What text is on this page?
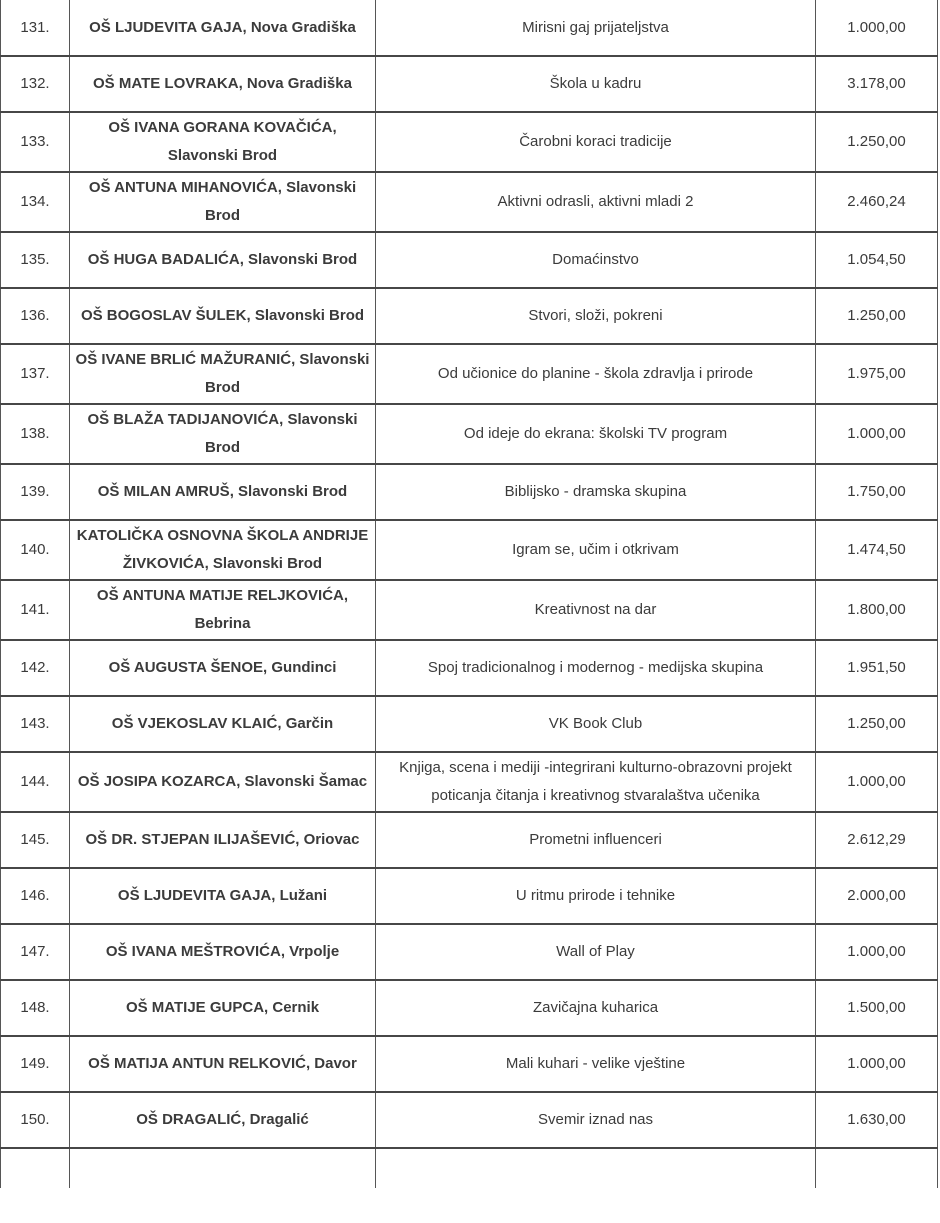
131.	OŠ LJUDEVITA GAJA, Nova Gradiška	Mirisni gaj prijateljstva	1.000,00
132.	OŠ MATE LOVRAKA, Nova Gradiška	Škola u kadru	3.178,00
133.	OŠ IVANA GORANA KOVAČIĆA, Slavonski Brod	Čarobni koraci tradicije	1.250,00
134.	OŠ ANTUNA MIHANOVIĆA, Slavonski Brod	Aktivni odrasli, aktivni mladi 2	2.460,24
135.	OŠ HUGA BADALIĆA, Slavonski Brod	Domaćinstvo	1.054,50
136.	OŠ BOGOSLAV ŠULEK, Slavonski Brod	Stvori, složi, pokreni	1.250,00
137.	OŠ IVANE BRLIĆ MAŽURANIĆ, Slavonski Brod	Od učionice do planine - škola zdravlja i prirode	1.975,00
138.	OŠ BLAŽA TADIJANOVIĆA, Slavonski Brod	Od ideje do ekrana: školski TV program	1.000,00
139.	OŠ MILAN AMRUŠ, Slavonski Brod	Biblijsko - dramska skupina	1.750,00
140.	KATOLIČKA OSNOVNA ŠKOLA ANDRIJE ŽIVKOVIĆA, Slavonski Brod	Igram se, učim i otkrivam	1.474,50
141.	OŠ ANTUNA MATIJE RELJKOVIĆA, Bebrina	Kreativnost na dar	1.800,00
142.	OŠ AUGUSTA ŠENOE, Gundinci	Spoj tradicionalnog i modernog - medijska skupina	1.951,50
143.	OŠ VJEKOSLAV KLAIĆ, Garčin	VK Book Club	1.250,00
144.	OŠ JOSIPA KOZARCA, Slavonski Šamac	Knjiga, scena i mediji -integrirani kulturno-obrazovni projekt poticanja čitanja i kreativnog stvaralaštva učenika	1.000,00
145.	OŠ DR. STJEPAN ILIJAŠEVIĆ, Oriovac	Prometni influenceri	2.612,29
146.	OŠ LJUDEVITA GAJA, Lužani	U ritmu prirode i tehnike	2.000,00
147.	OŠ IVANA MEŠTROVIĆA, Vrpolje	Wall of Play	1.000,00
148.	OŠ MATIJE GUPCA, Cernik	Zavičajna kuharica	1.500,00
149.	OŠ MATIJA ANTUN RELKOVIĆ, Davor	Mali kuhari - velike vještine	1.000,00
150.	OŠ DRAGALIĆ, Dragalić	Svemir iznad nas	1.630,00
